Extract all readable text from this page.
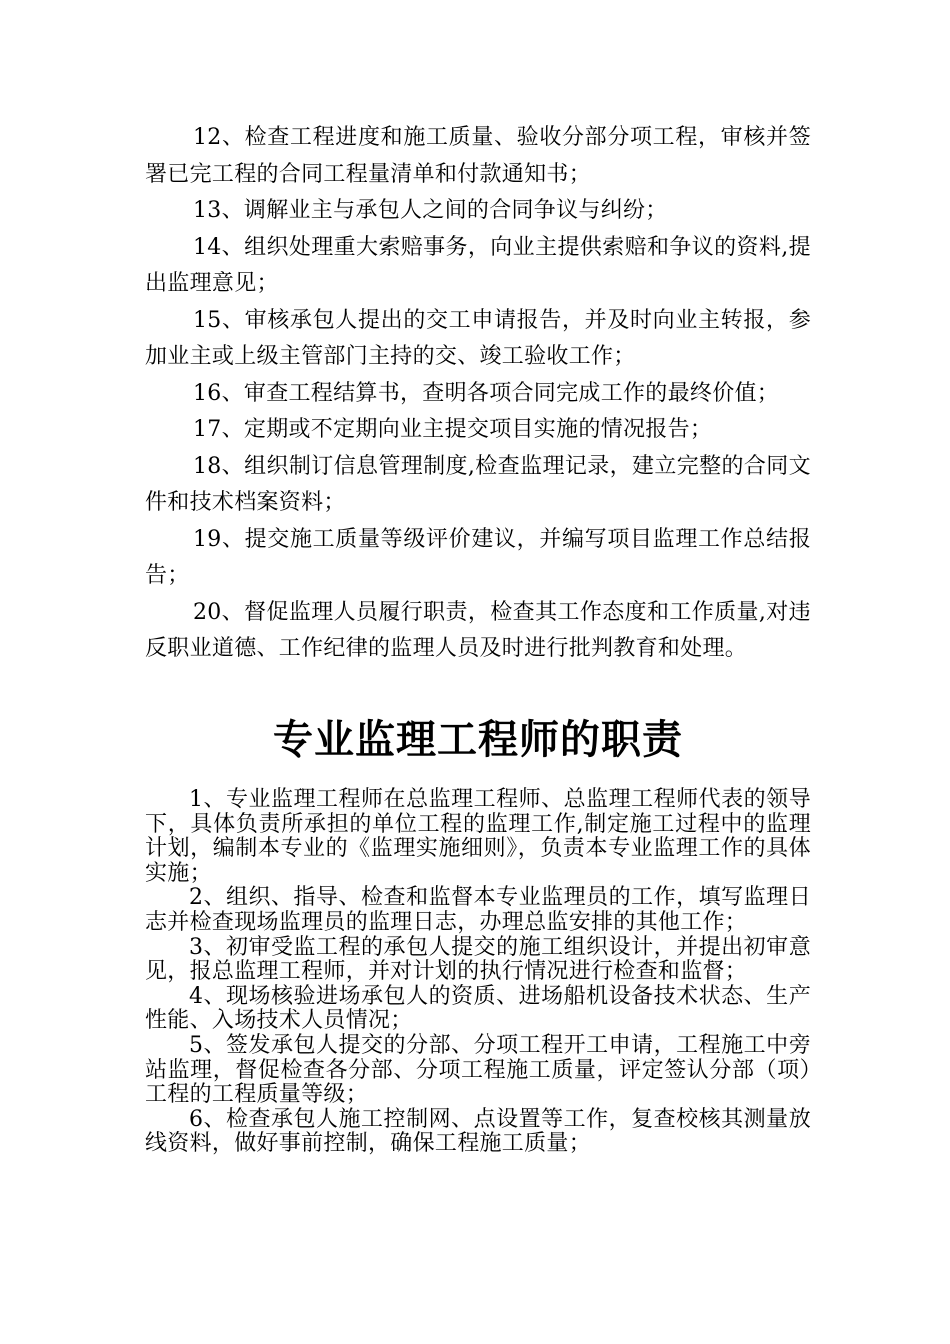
12、检查工程进度和施工质量、验收分部分项工程，审核并签署已完工程的合同工程量清单和付款通知书；

13、调解业主与承包人之间的合同争议与纠纷；

14、组织处理重大索赔事务，向业主提供索赔和争议的资料,提出监理意见；

15、审核承包人提出的交工申请报告，并及时向业主转报，参加业主或上级主管部门主持的交、竣工验收工作；

16、审查工程结算书，查明各项合同完成工作的最终价值；

17、定期或不定期向业主提交项目实施的情况报告；

18、组织制订信息管理制度,检查监理记录，建立完整的合同文件和技术档案资料；

19、提交施工质量等级评价建议，并编写项目监理工作总结报告；

20、督促监理人员履行职责，检查其工作态度和工作质量,对违反职业道德、工作纪律的监理人员及时进行批判教育和处理。

专业监理工程师的职责

1、专业监理工程师在总监理工程师、总监理工程师代表的领导下，具体负责所承担的单位工程的监理工作,制定施工过程中的监理计划，编制本专业的《监理实施细则》，负责本专业监理工作的具体实施；

2、组织、指导、检查和监督本专业监理员的工作，填写监理日志并检查现场监理员的监理日志，办理总监安排的其他工作；

3、初审受监工程的承包人提交的施工组织设计，并提出初审意见，报总监理工程师，并对计划的执行情况进行检查和监督；

4、现场核验进场承包人的资质、进场船机设备技术状态、生产性能、入场技术人员情况；

5、签发承包人提交的分部、分项工程开工申请，工程施工中旁站监理，督促检查各分部、分项工程施工质量，评定签认分部（项）工程的工程质量等级；

6、检查承包人施工控制网、点设置等工作，复查校核其测量放线资料，做好事前控制，确保工程施工质量；
